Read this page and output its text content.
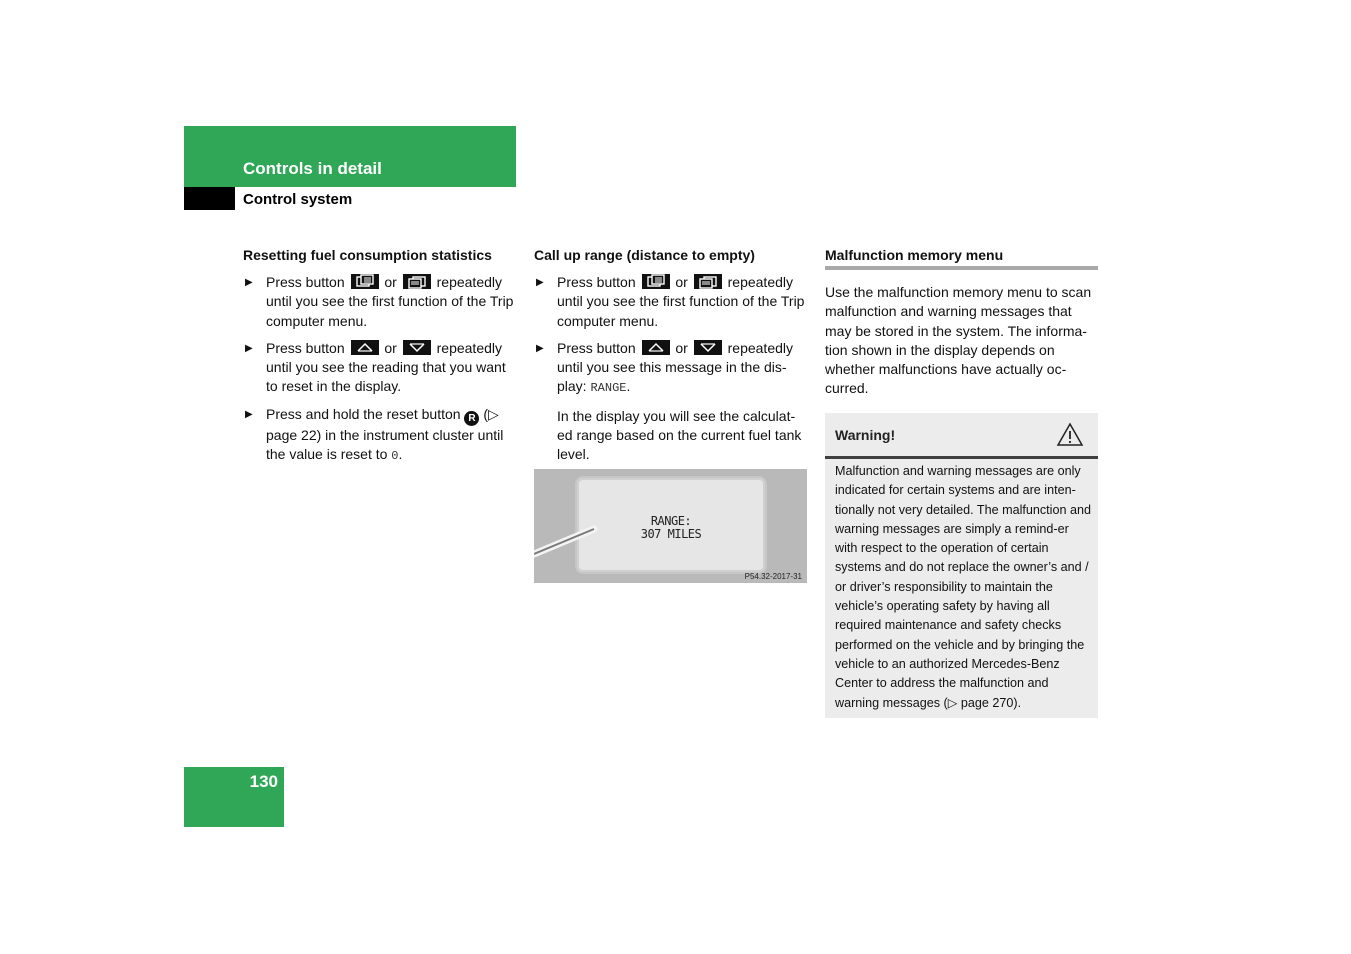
Controls in detail
Control system
Resetting fuel consumption statistics
▶ Press button	or	repeatedly until you see the first function of the Trip computer menu.
▶ Press button	or	repeatedly until you see the reading that you want to reset in the display.
▶ Press and hold the reset button R (▷ page 22) in the instrument cluster until the value is reset to 0.
Call up range (distance to empty)
▶ Press button	or	repeatedly until you see the first function of the Trip computer menu.
▶ Press button	or	repeatedly until you see this message in the dis-play: RANGE.
In the display you will see the calculat-ed range based on the current fuel tank level.
RANGE:
307 MILES
P54.32-2017-31
Malfunction memory menu
Use the malfunction memory menu to scan malfunction and warning messages that may be stored in the system. The informa-tion shown in the display depends on whether malfunctions have actually oc-curred.
Warning!
Malfunction and warning messages are only indicated for certain systems and are inten-tionally not very detailed. The malfunction and warning messages are simply a remind-er with respect to the operation of certain systems and do not replace the owner’s and / or driver’s responsibility to maintain the vehicle’s operating safety by having all required maintenance and safety checks performed on the vehicle and by bringing the vehicle to an authorized Mercedes-Benz Center to address the malfunction and warning messages (▷ page 270).
130
